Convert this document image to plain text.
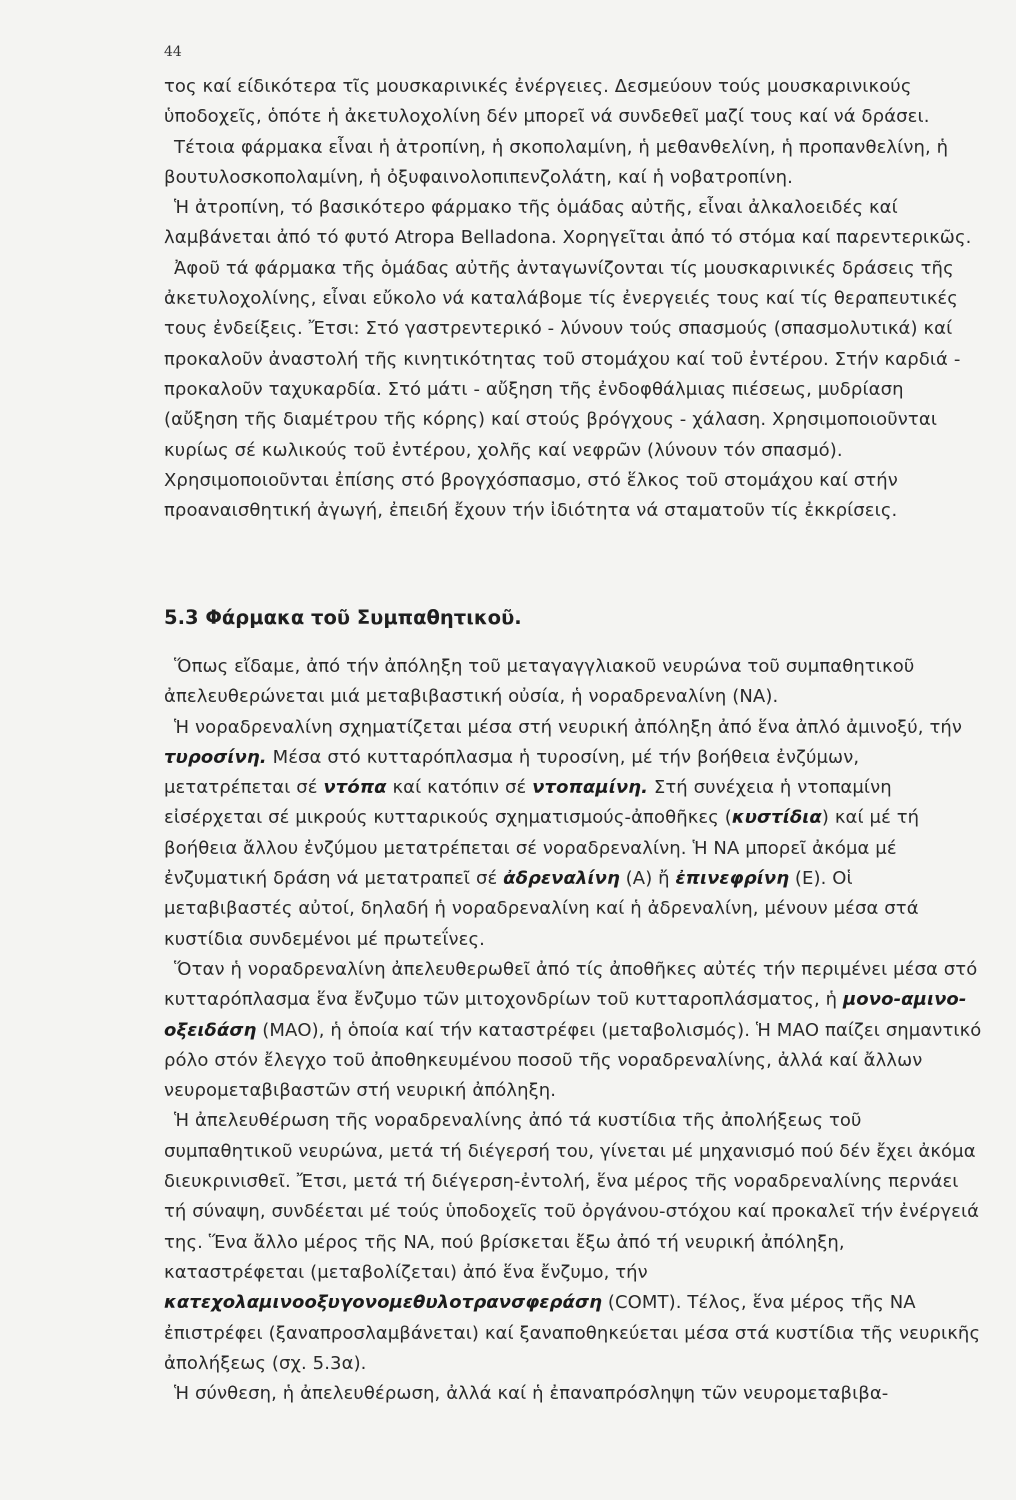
44

τος καί είδικότερα τῖς μουσκαρινικές ἐνέργειες. Δεσμεύουν τούς μουσκαρινικούς ὑποδοχεῖς, ὁπότε ἡ ἀκετυλοχολίνη δέν μπορεῖ νά συνδεθεῖ μαζί τους καί νά δράσει.

Τέτοια φάρμακα εἶναι ἡ ἀτροπίνη, ἡ σκοπολαμίνη, ἡ μεθανθελίνη, ἡ προπανθελίνη, ἡ βουτυλοσκοπολαμίνη, ἡ ὀξυφαινολοπιπενζολάτη, καί ἡ νοβατροπίνη.

Ἡ ἀτροπίνη, τό βασικότερο φάρμακο τῆς ὁμάδας αὐτῆς, εἶναι ἀλκαλοειδές καί λαμβάνεται ἀπό τό φυτό Atropa Belladona. Χορηγεῖται ἀπό τό στόμα καί παρεντερικῶς.

Ἀφοῦ τά φάρμακα τῆς ὁμάδας αὐτῆς ἀνταγωνίζονται τίς μουσκαρινικές δράσεις τῆς ἀκετυλοχολίνης, εἶναι εὔκολο νά καταλάβομε τίς ἐνεργειές τους καί τίς θεραπευτικές τους ἐνδείξεις. Ἔτσι: Στό γαστρεντερικό - λύνουν τούς σπασμούς (σπασμολυτικά) καί προκαλοῦν ἀναστολή τῆς κινητικότητας τοῦ στομάχου καί τοῦ ἐντέρου. Στήν καρδιά - προκαλοῦν ταχυκαρδία. Στό μάτι - αὔξηση τῆς ἐνδοφθάλμιας πιέσεως, μυδρίαση (αὔξηση τῆς διαμέτρου τῆς κόρης) καί στούς βρόγχους - χάλαση. Χρησιμοποιοῦνται κυρίως σέ κωλικούς τοῦ ἐντέρου, χολῆς καί νεφρῶν (λύνουν τόν σπασμό). Χρησιμοποιοῦνται ἐπίσης στό βρογχόσπασμο, στό ἕλκος τοῦ στομάχου καί στήν προαναισθητική ἀγωγή, ἐπειδή ἔχουν τήν ἰδιότητα νά σταματοῦν τίς ἐκκρίσεις.

5.3 Φάρμακα τοῦ Συμπαθητικοῦ.

Ὅπως εἴδαμε, ἀπό τήν ἀπόληξη τοῦ μεταγαγγλιακοῦ νευρώνα τοῦ συμπαθητικοῦ ἀπελευθερώνεται μιά μεταβιβαστική οὐσία, ἡ νοραδρεναλίνη (ΝΑ).

Ἡ νοραδρεναλίνη σχηματίζεται μέσα στή νευρική ἀπόληξη ἀπό ἕνα ἀπλό ἀμινοξύ, τήν τυροσίνη. Μέσα στό κυτταρόπλασμα ἡ τυροσίνη, μέ τήν βοήθεια ἐνζύμων, μετατρέπεται σέ ντόπα καί κατόπιν σέ ντοπαμίνη. Στή συνέχεια ἡ ντοπαμίνη εἰσέρχεται σέ μικρούς κυτταρικούς σχηματισμούς-ἀποθῆκες (κυστίδια) καί μέ τή βοήθεια ἄλλου ἐνζύμου μετατρέπεται σέ νοραδρεναλίνη. Ἡ ΝΑ μπορεῖ ἀκόμα μέ ἐνζυματική δράση νά μετατραπεῖ σέ ἀδρεναλίνη (Α) ἤ ἐπινεφρίνη (Ε). Οἱ μεταβιβαστές αὐτοί, δηλαδή ἡ νοραδρεναλίνη καί ἡ ἀδρεναλίνη, μένουν μέσα στά κυστίδια συνδεμένοι μέ πρωτεΐνες.

Ὅταν ἡ νοραδρεναλίνη ἀπελευθερωθεῖ ἀπό τίς ἀποθῆκες αὐτές τήν περιμένει μέσα στό κυτταρόπλασμα ἕνα ἔνζυμο τῶν μιτοχονδρίων τοῦ κυτταροπλάσματος, ἡ μονο-αμινο-οξειδάση (ΜΑΟ), ἡ ὁποία καί τήν καταστρέφει (μεταβολισμός). Ἡ ΜΑΟ παίζει σημαντικό ρόλο στόν ἔλεγχο τοῦ ἀποθηκευμένου ποσοῦ τῆς νοραδρεναλίνης, ἀλλά καί ἄλλων νευρομεταβιβαστῶν στή νευρική ἀπόληξη.

Ἡ ἀπελευθέρωση τῆς νοραδρεναλίνης ἀπό τά κυστίδια τῆς ἀπολήξεως τοῦ συμπαθητικοῦ νευρώνα, μετά τή διέγερσή του, γίνεται μέ μηχανισμό πού δέν ἔχει ἀκόμα διευκρινισθεῖ. Ἔτσι, μετά τή διέγερση-ἐντολή, ἕνα μέρος τῆς νοραδρεναλίνης περνάει τή σύναψη, συνδέεται μέ τούς ὑποδοχεῖς τοῦ ὀργάνου-στόχου καί προκαλεῖ τήν ἐνέργειά της. Ἕνα ἄλλο μέρος τῆς ΝΑ, πού βρίσκεται ἔξω ἀπό τή νευρική ἀπόληξη, καταστρέφεται (μεταβολίζεται) ἀπό ἕνα ἔνζυμο, τήν κατεχολαμινοοξυγονομεθυλοτρανσφεράση (COMT). Τέλος, ἕνα μέρος τῆς ΝΑ ἐπιστρέφει (ξαναπροσλαμβάνεται) καί ξαναποθηκεύεται μέσα στά κυστίδια τῆς νευρικῆς ἀπολήξεως (σχ. 5.3α).

Ἡ σύνθεση, ἡ ἀπελευθέρωση, ἀλλά καί ἡ ἐπαναπρόσληψη τῶν νευρομεταβιβα-
